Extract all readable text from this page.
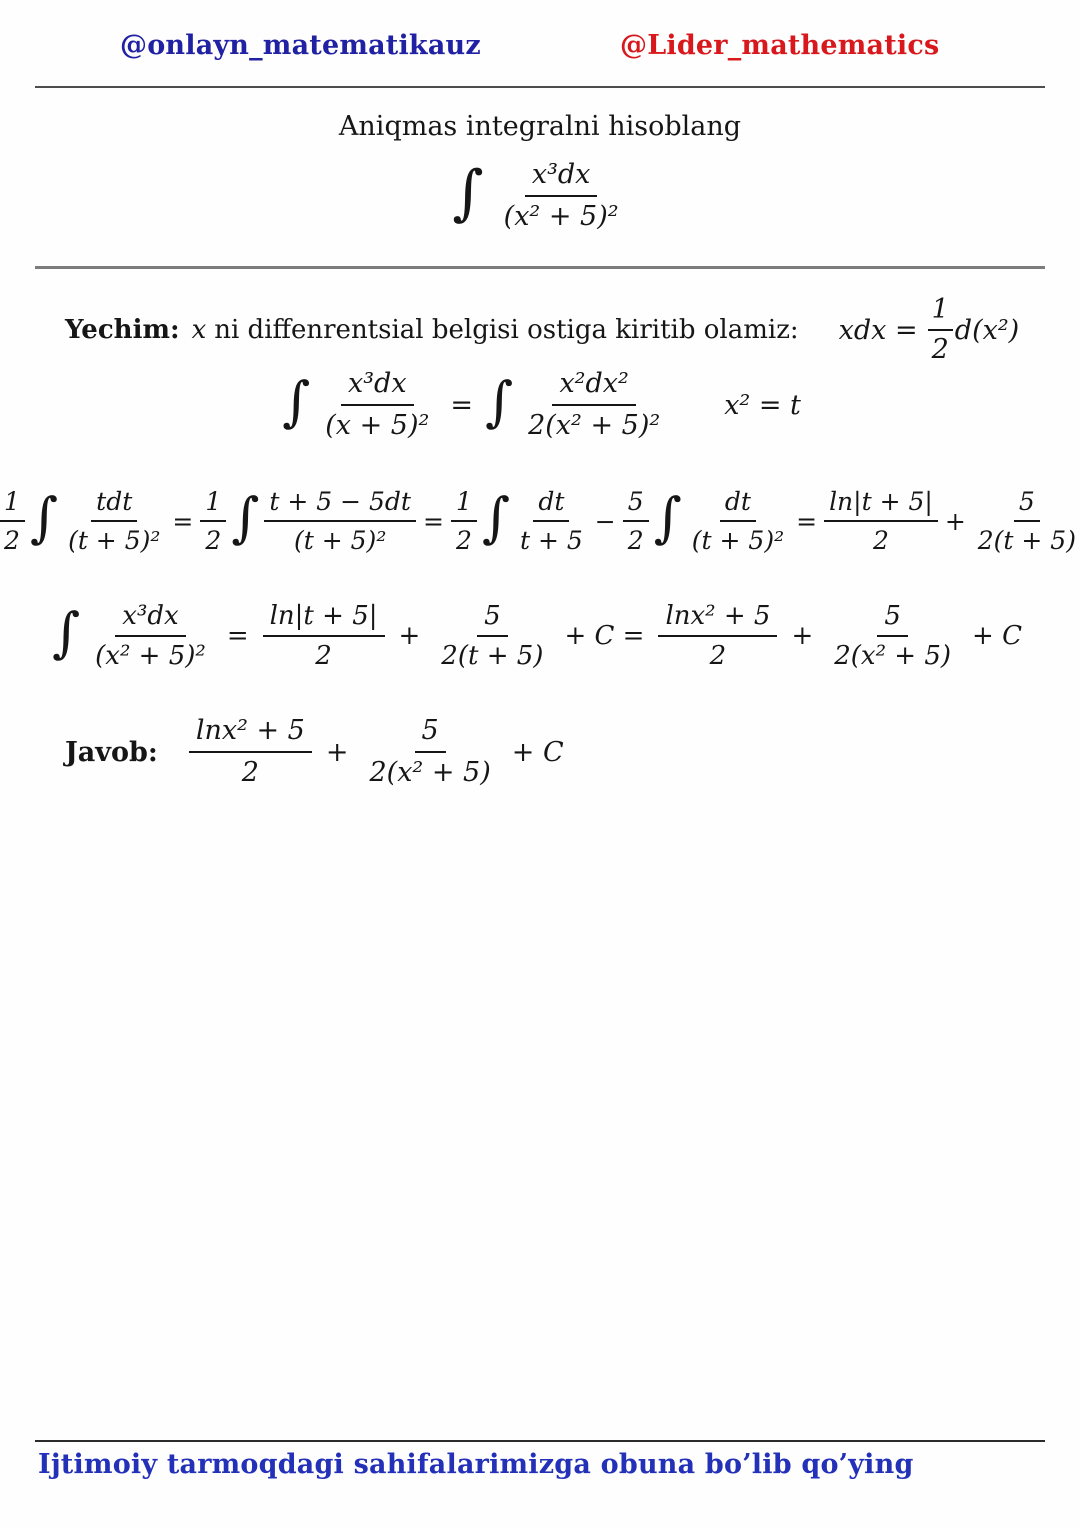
@onlayn_matematikauz	@Lider_mathematics
Aniqmas integralni hisoblang
∫ $\frac{\text{x³dx}}{\text{(x² + 5)²}}$
Yechim: x ni diffenrentsial belgisi ostiga kiritib olamiz: xdx = $\frac{1}{2} d(x^2)$
∫ $\frac{\text{x³dx}}{\text{(x + 5)²}}$ = ∫ $\frac{\text{x²dx²}}{\text{2(x² + 5)²}} x^2 = t$
$\frac{1}{2}$ ∫ $\frac{\text{tdt}}{\text{(t + 5)²}} = \frac{1}{2}$ ∫ $\frac{t + 5 - 5dt}{\text{(t + 5)²}} = \frac{1}{2}$ ∫ $\frac{dt}{t + 5} - \frac{5}{2}$ ∫ $\frac{dt}{\text{(t + 5)²}} = \frac{\ln|t + 5|}{2} + \frac{5}{2(t + 5)}$
∫ $\frac{\text{x³dx}}{\text{(x² + 5)²}} = \frac{\ln|t + 5|}{2} + \frac{5}{2(t + 5)} + C = \frac{\text{lnx² + 5}}{2} + \frac{5}{\text{2(x² + 5)}} + C$
Javob: $\frac{\text{lnx² + 5}}{2} + \frac{5}{\text{2(x² + 5)}} + C$
Ijtimoiy tarmoqdagi sahifalarimizga obuna bo’lib qo’ying
